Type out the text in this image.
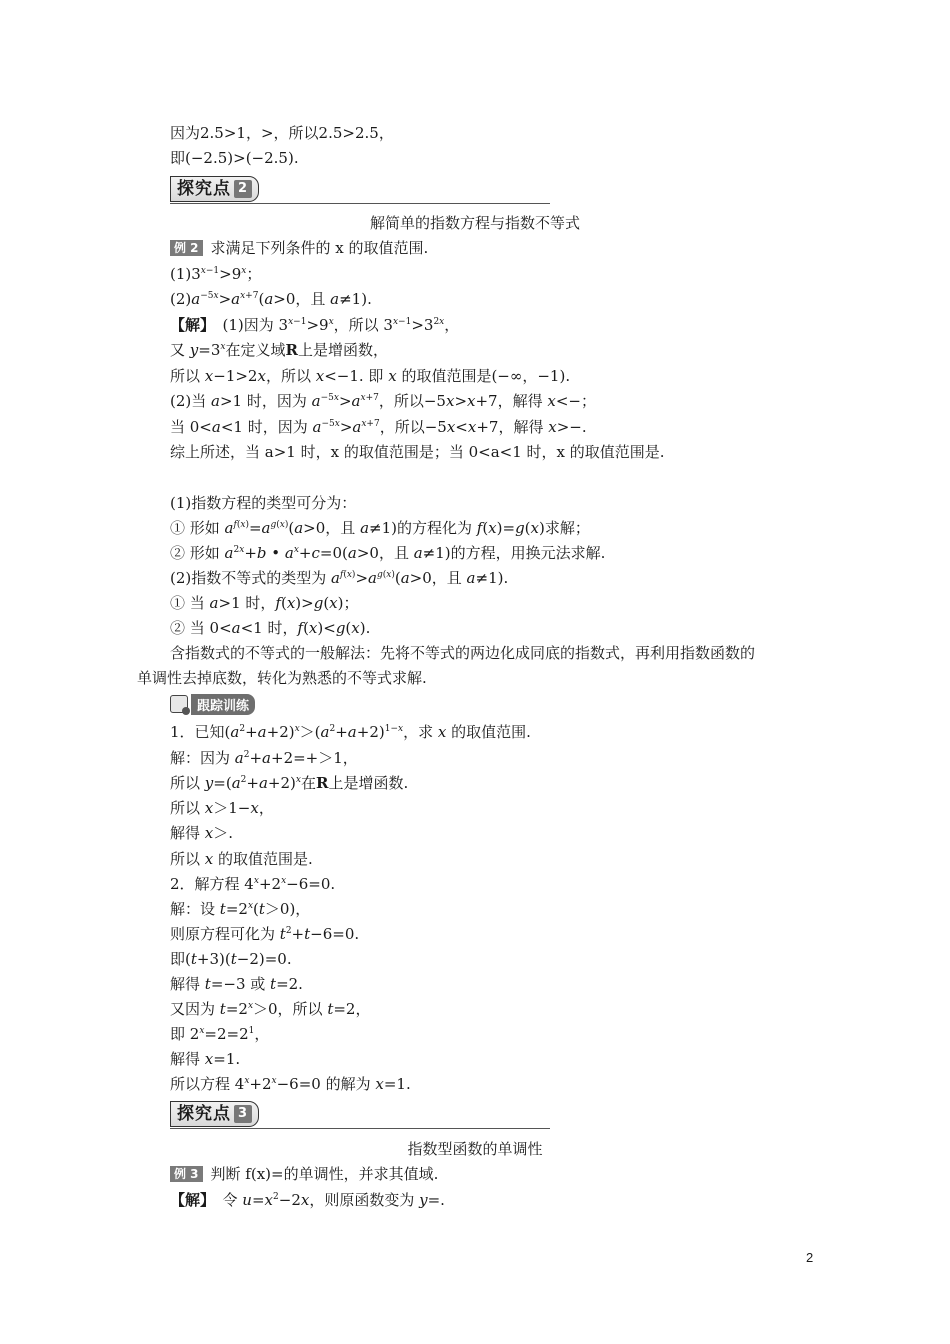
因为2.5>1，>，所以2.5>2.5，
即(−2.5)>(−2.5).
探究点 2
解简单的指数方程与指数不等式
例 2 求满足下列条件的 x 的取值范围.
$(1)3^{x-1}>9^x$；
$(2)a^{-5x}>a^{x+7}(a>0$，且 a≠1).
【解】　(1)因为 $3^{x-1}>9^x$，所以 $3^{x-1}>3^{2x}$，
又 $y=3^x$在定义域R上是增函数，
所以 x−1>2x，所以 x<−1. 即 x 的取值范围是(−∞，−1).
(2)当 a>1 时，因为 $a^{-5x}>a^{x+7}$，所以−5x>x+7，解得 x<−；
当 0<a<1 时，因为 $a^{-5x}>a^{x+7}$，所以−5x<x+7，解得 x>−.
综上所述，当 a>1 时，x 的取值范围是；当 0<a<1 时，x 的取值范围是.
(1)指数方程的类型可分为：
① 形如 $a^{f(x)}=a^{g(x)}(a>0$，且 a≠1)的方程化为 f(x)=g(x)求解；
② 形如 $a^{2x}+b$ • $a^x+c=0(a>0$，且 a≠1)的方程，用换元法求解.
(2)指数不等式的类型为 $a^{f(x)}>a^{g(x)}(a>0$，且 a≠1).
① 当 a>1 时，f(x)>g(x)；
② 当 0<a<1 时，f(x)<g(x).
含指数式的不等式的一般解法：先将不等式的两边化成同底的指数式，再利用指数函数的
单调性去掉底数，转化为熟悉的不等式求解.
跟踪训练
1．已知$(a^2+a+2)^x>(a^2+a+2)^{1-x}$，求 x 的取值范围.
解：因为 $a^2+a+2=+>1$，
所以 $y=(a^2+a+2)^x$在R上是增函数.
所以 x＞1−x，
解得 x＞.
所以 x 的取值范围是.
2．解方程 $4^x+2^x-6=0$.
解：设 $t=2^x(t>0)$，
则原方程可化为 $t^2+t-6=0$.
即(t+3)(t−2)=0.
解得 t=−3 或 t=2.
又因为 $t=2^x>0$，所以 t=2，
即 $2^x=2=2^1$，
解得 x=1.
所以方程 $4^x+2^x-6=0$ 的解为 x=1.
探究点 3
指数型函数的单调性
例 3 判断 f(x)=的单调性，并求其值域.
【解】　令 $u=x^2-2x$，则原函数变为 y=.
2
